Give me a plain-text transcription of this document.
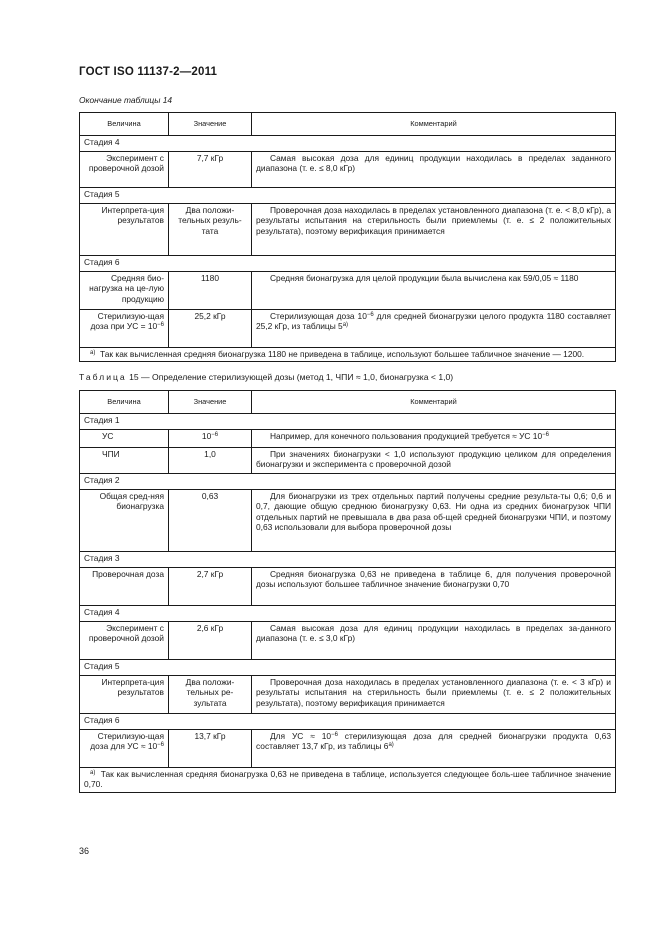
ГОСТ ISO 11137-2—2011
Окончание таблицы 14
Величина	Значение	Комментарий
Стадия 4		
Эксперимент с проверочной дозой	7,7 кГр	Самая высокая доза для единиц продукции находилась в пределах заданного диапазона (т. е. ≤ 8,0 кГр)
Стадия 5		
Интерпрета-ция результатов	Два положи-тельных резуль-тата	Проверочная доза находилась в пределах установленного диапазона (т. е. < 8,0 кГр), а результаты испытания на стерильность были приемлемы (т. е. ≤ 2 положительных результата), поэтому верификация принимается
Стадия 6		
Средняя био-нагрузка на це-лую продукцию	1180	Средняя бионагрузка для целой продукции была вычислена как 59/0,05 ≈ 1180
Стерилизую-щая доза при УС = $10^{-6}$	25,2 кГр	Стерилизующая доза $10^{-6}$ для средней бионагрузки целого продукта 1180 составляет 25,2 кГр, из таблицы 5$^{a)}$
$^{a)}$ Так как вычисленная средняя бионагрузка 1180 не приведена в таблице, используют большее табличное значение — 1200.		
Таблица 15 — Определение стерилизующей дозы (метод 1, ЧПИ ≈ 1,0, бионагрузка < 1,0)
Величина	Значение	Комментарий
Стадия 1		
УС	$10^{-6}$	Например, для конечного пользования продукцией требуется ≈ УС $10^{-6}$
ЧПИ	1,0	При значениях бионагрузки < 1,0 используют продукцию целиком для определения бионагрузки и эксперимента с проверочной дозой
Стадия 2		
Общая сред-няя бионагрузка	0,63	Для бионагрузки из трех отдельных партий получены средние результа-ты 0,6; 0,6 и 0,7, дающие общую среднюю бионагрузку 0,63. Ни одна из средних бионагрузок ЧПИ отдельных партий не превышала в два раза об-щей средней бионагрузки ЧПИ, и поэтому 0,63 использовали для выбора проверочной дозы
Стадия 3		
Проверочная доза	2,7 кГр	Средняя бионагрузка 0,63 не приведена в таблице 6, для получения проверочной дозы используют большее табличное значение бионагрузки 0,70
Стадия 4		
Эксперимент с проверочной дозой	2,6 кГр	Самая высокая доза для единиц продукции находилась в пределах за-данного диапазона (т. е. ≤ 3,0 кГр)
Стадия 5		
Интерпрета-ция результатов	Два положи-тельных ре-зультата	Проверочная доза находилась в пределах установленного диапазона (т. е. < 3 кГр) и результаты испытания на стерильность были приемлемы (т. е. ≤ 2 положительных результата), поэтому верификация принимается
Стадия 6		
Стерилизую-щая доза для УС ≈ $10^{-6}$	13,7 кГр	Для УС ≈ $10^{-6}$ стерилизующая доза для средней бионагрузки продукта 0,63 составляет 13,7 кГр, из таблицы 6$^{a)}$
$^{a)}$ Так как вычисленная средняя бионагрузка 0,63 не приведена в таблице, используется следующее боль-шее табличное значение 0,70.		
36
